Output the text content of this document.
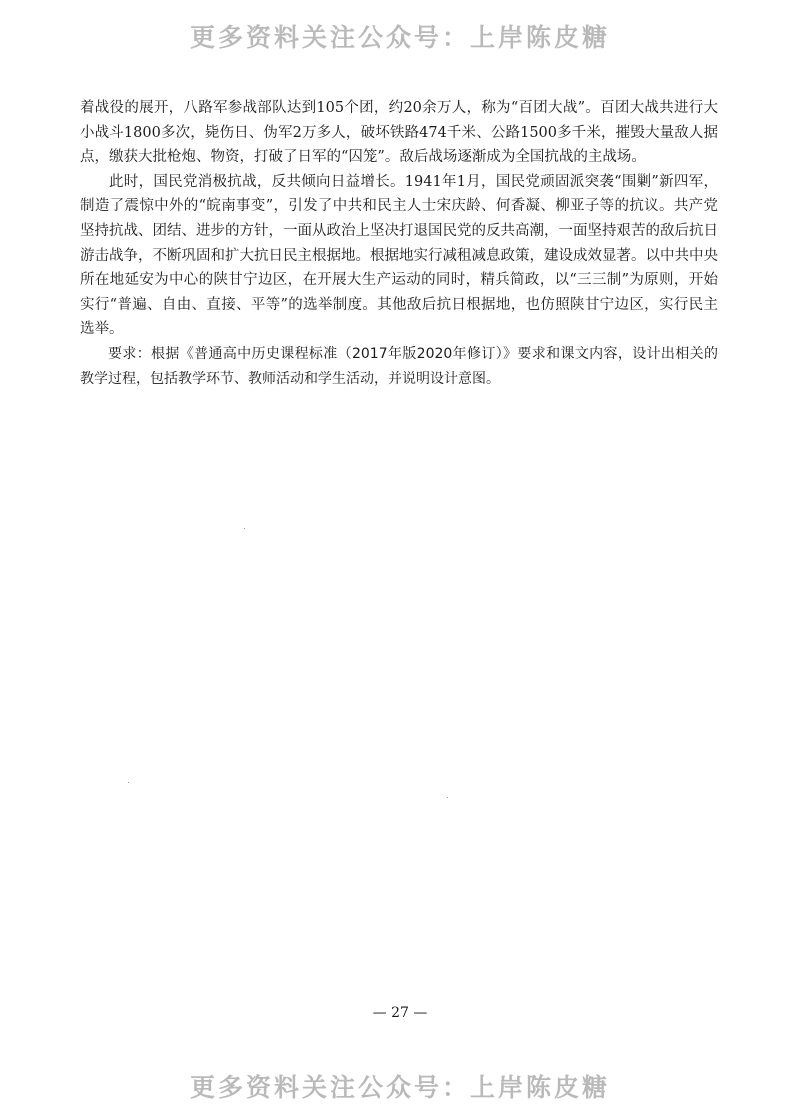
更多资料关注公众号：上岸陈皮糖

着战役的展开，八路军参战部队达到105个团，约20余万人，称为“百团大战”。百团大战共进行大小战斗1800多次，毙伤日、伪军2万多人，破坏铁路474千米、公路1500多千米，摧毁大量敌人据点，缴获大批枪炮、物资，打破了日军的“囚笼”。敌后战场逐渐成为全国抗战的主战场。

此时，国民党消极抗战，反共倾向日益增长。1941年1月，国民党顽固派突袭“围剿”新四军，制造了震惊中外的“皖南事变”，引发了中共和民主人士宋庆龄、何香凝、柳亚子等的抗议。共产党坚持抗战、团结、进步的方针，一面从政治上坚决打退国民党的反共高潮，一面坚持艰苦的敌后抗日游击战争，不断巩固和扩大抗日民主根据地。根据地实行减租减息政策，建设成效显著。以中共中央所在地延安为中心的陕甘宁边区，在开展大生产运动的同时，精兵简政，以“三三制”为原则，开始实行“普遍、自由、直接、平等”的选举制度。其他敌后抗日根据地，也仿照陕甘宁边区，实行民主选举。

要求：根据《普通高中历史课程标准（2017年版2020年修订）》要求和课文内容，设计出相关的教学过程，包括教学环节、教师活动和学生活动，并说明设计意图。

— 27 —
更多资料关注公众号：上岸陈皮糖
